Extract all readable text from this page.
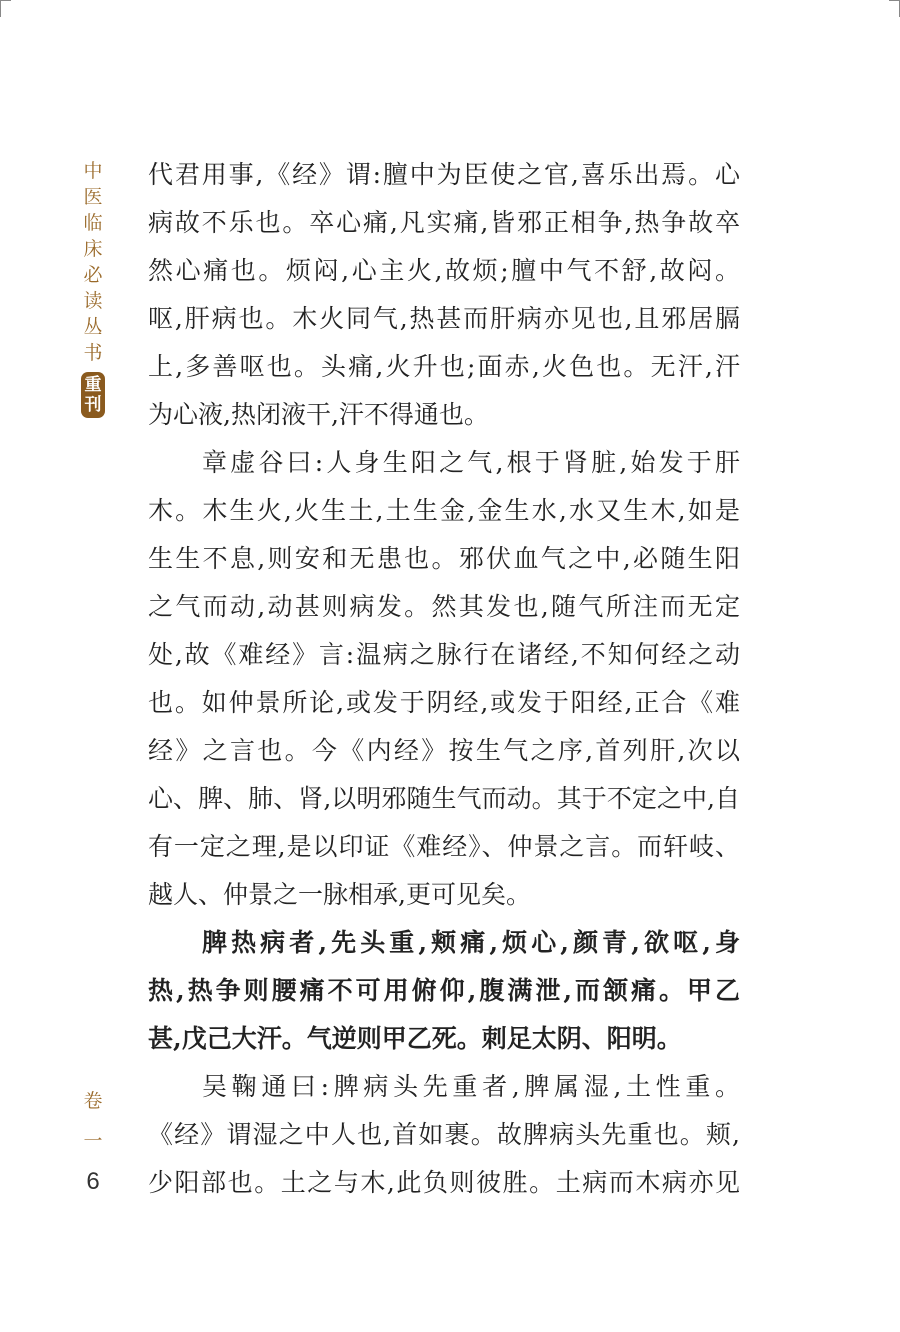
中
医
临
床
必
读
丛
书
重
刊
代君用事,《经》谓:膻中为臣使之官,喜乐出焉。心
病故不乐也。卒心痛,凡实痛,皆邪正相争,热争故卒
然心痛也。烦闷,心主火,故烦;膻中气不舒,故闷。
呕,肝病也。木火同气,热甚而肝病亦见也,且邪居膈
上,多善呕也。头痛,火升也;面赤,火色也。无汗,汗
为心液,热闭液干,汗不得通也。
章虚谷曰:人身生阳之气,根于肾脏,始发于肝
木。木生火,火生土,土生金,金生水,水又生木,如是
生生不息,则安和无患也。邪伏血气之中,必随生阳
之气而动,动甚则病发。然其发也,随气所注而无定
处,故《难经》言:温病之脉行在诸经,不知何经之动
也。如仲景所论,或发于阴经,或发于阳经,正合《难
经》之言也。今《内经》按生气之序,首列肝,次以
心、脾、肺、肾,以明邪随生气而动。其于不定之中,自
有一定之理,是以印证《难经》、仲景之言。而轩岐、
越人、仲景之一脉相承,更可见矣。
脾热病者,先头重,颊痛,烦心,颜青,欲呕,身
热,热争则腰痛不可用俯仰,腹满泄,而颔痛。甲乙
甚,戊己大汗。气逆则甲乙死。刺足太阴、阳明。
吴鞠通曰:脾病头先重者,脾属湿,土性重。
《经》谓湿之中人也,首如裹。故脾病头先重也。颊,
少阳部也。土之与木,此负则彼胜。土病而木病亦见
卷
一
6
